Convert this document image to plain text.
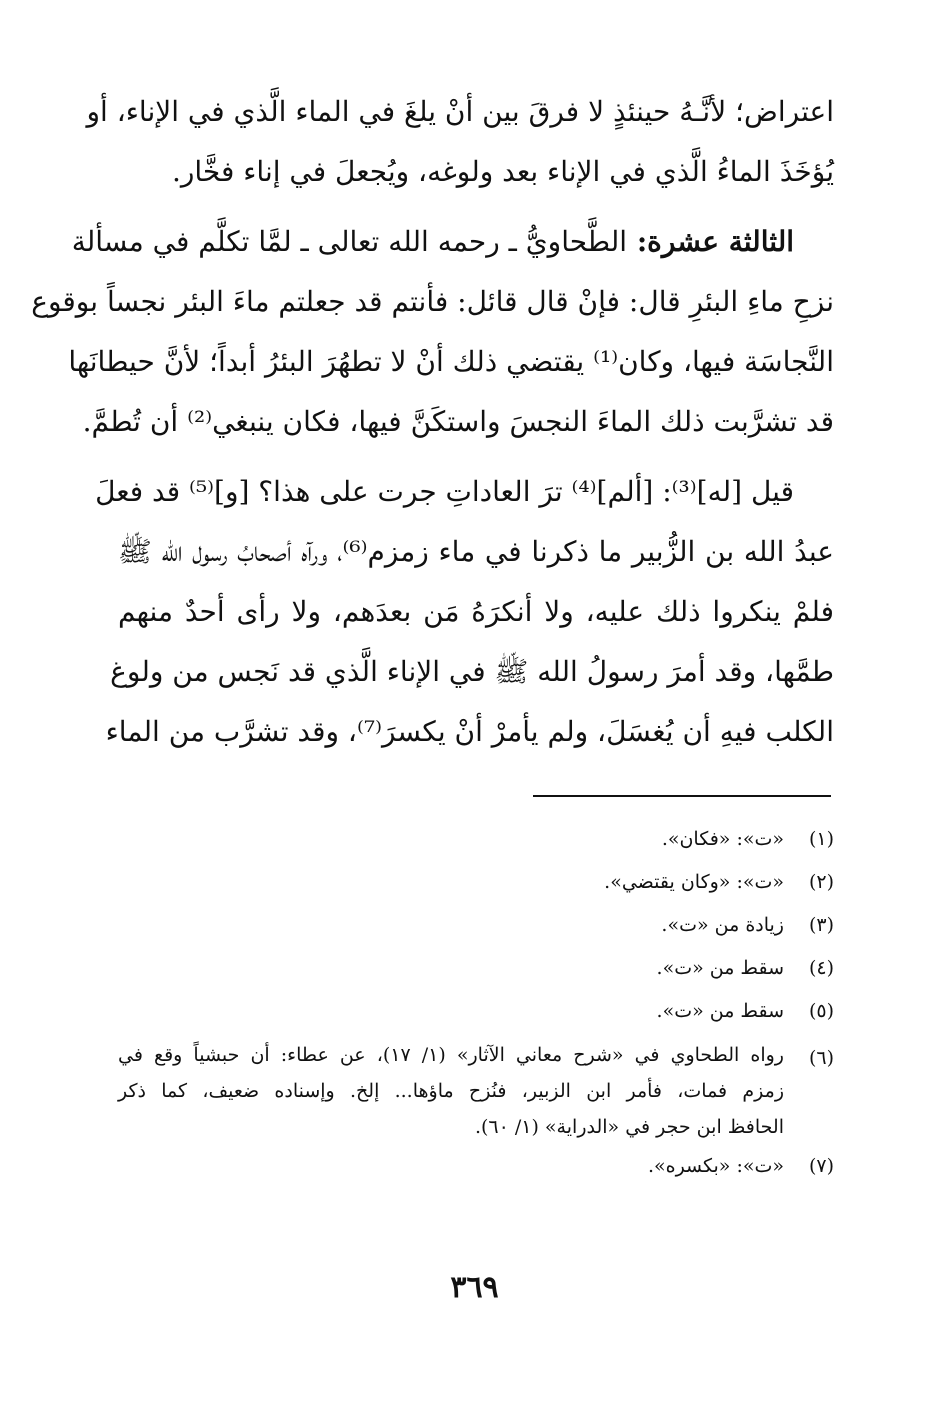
اعتراض؛ لأنَّـهُ حينئذٍ لا فرقَ بين أنْ يلغَ في الماء الَّذي في الإناء، أو
يُؤخَذَ الماءُ الَّذي في الإناء بعد ولوغه، ويُجعلَ في إناء فخَّار.
الثالثة عشرة: الطَّحاويُّ ـ رحمه الله تعالى ـ لمَّا تكلَّم في مسألة
نزحِ ماءِ البئرِ قال: فإنْ قال قائل: فأنتم قد جعلتم ماءَ البئر نجساً بوقوع
النَّجاسَة فيها، وكان⁽¹⁾ يقتضي ذلك أنْ لا تطهُرَ البئرُ أبداً؛ لأنَّ حيطانَها
قد تشرَّبت ذلك الماءَ النجسَ واستكَنَّ فيها، فكان ينبغي⁽²⁾ أن تُطمَّ.
قيل [له]⁽³⁾: [ألم]⁽⁴⁾ ترَ العاداتِ جرت على هذا؟ [و]⁽⁵⁾ قد فعلَ
عبدُ الله بن الزُّبير ما ذكرنا في ماء زمزم⁽⁶⁾، ورآه أصحابُ رسول الله ﷺ
فلمْ ينكروا ذلك عليه، ولا أنكرَهُ مَن بعدَهم، ولا رأى أحدٌ منهم
طمَّها، وقد أمرَ رسولُ الله ﷺ في الإناء الَّذي قد نَجس من ولوغ
الكلب فيهِ أن يُغسَلَ، ولم يأمرْ أنْ يكسرَ⁽⁷⁾، وقد تشرَّب من الماء
(١)
«ت»: «فكان».
(٢)
«ت»: «وكان يقتضي».
(٣)
زيادة من «ت».
(٤)
سقط من «ت».
(٥)
سقط من «ت».
(٦)
رواه الطحاوي في «شرح معاني الآثار» (١/ ١٧)، عن عطاء: أن حبشياً وقع في
زمزم فمات، فأمر ابن الزبير، فنُزح ماؤها... إلخ. وإسناده ضعيف، كما ذكر
الحافظ ابن حجر في «الدراية» (١/ ٦٠).
(٧)
«ت»: «بكسره».
٣٦٩
